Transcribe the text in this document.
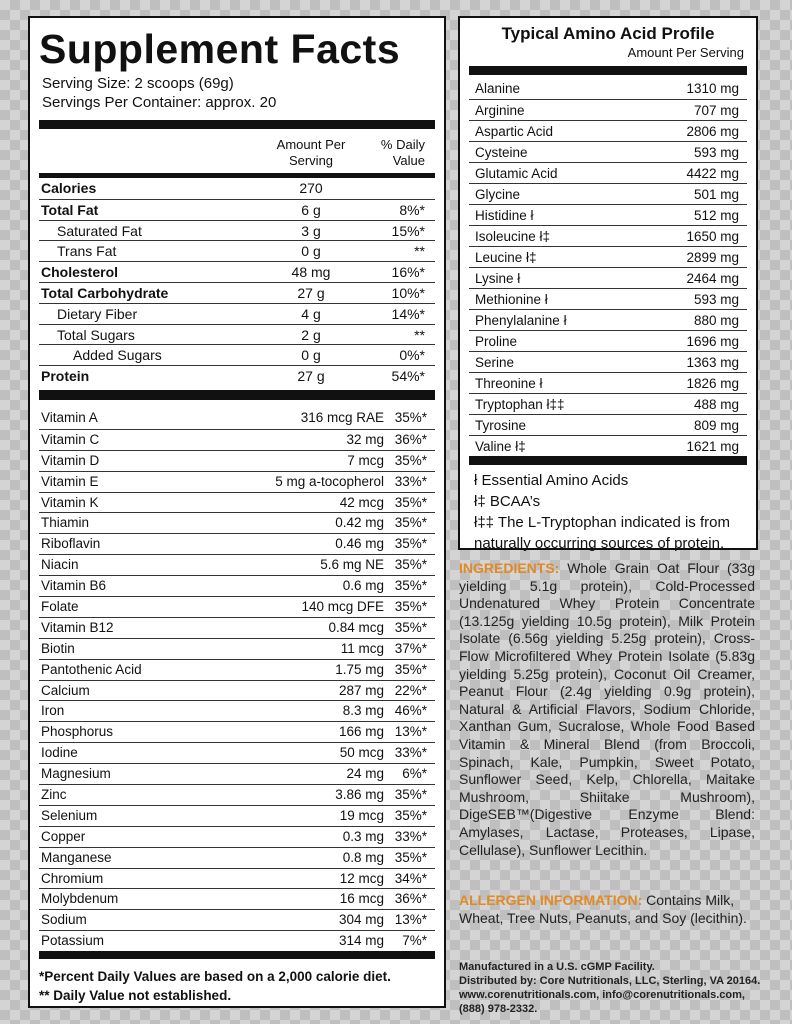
Supplement Facts
Serving Size: 2 scoops (69g)
Servings Per Container: approx. 20
Amount Per
Serving
% Daily
Value
Calories	270
Total Fat	6 g	8%*
Saturated Fat	3 g	15%*
Trans Fat	0 g	**
Cholesterol	48 mg	16%*
Total Carbohydrate	27 g	10%*
Dietary Fiber	4 g	14%*
Total Sugars	2 g	**
Added Sugars	0 g	0%*
Protein	27 g	54%*
Vitamin A	316 mcg RAE 35%*
Vitamin C	32 mg 36%*
Vitamin D	7 mcg 35%*
Vitamin E	5 mg a-tocopherol 33%*
Vitamin K	42 mcg 35%*
Thiamin	0.42 mg 35%*
Riboflavin	0.46 mg 35%*
Niacin	5.6 mg NE 35%*
Vitamin B6	0.6 mg 35%*
Folate	140 mcg DFE 35%*
Vitamin B12	0.84 mcg 35%*
Biotin	11 mcg 37%*
Pantothenic Acid	1.75 mg 35%*
Calcium	287 mg 22%*
Iron	8.3 mg 46%*
Phosphorus	166 mg 13%*
Iodine	50 mcg 33%*
Magnesium	24 mg 6%*
Zinc	3.86 mg 35%*
Selenium	19 mcg 35%*
Copper	0.3 mg 33%*
Manganese	0.8 mg 35%*
Chromium	12 mcg 34%*
Molybdenum	16 mcg 36%*
Sodium	304 mg 13%*
Potassium	314 mg 7%*
*Percent Daily Values are based on a 2,000 calorie diet.
** Daily Value not established.
Typical Amino Acid Profile
Amount Per Serving
Alanine	1310 mg
Arginine	707 mg
Aspartic Acid	2806 mg
Cysteine	593 mg
Glutamic Acid	4422 mg
Glycine	501 mg
Histidine ł	512 mg
Isoleucine ł‡	1650 mg
Leucine ł‡	2899 mg
Lysine ł	2464 mg
Methionine ł	593 mg
Phenylalanine ł	880 mg
Proline	1696 mg
Serine	1363 mg
Threonine ł	1826 mg
Tryptophan ł‡‡	488 mg
Tyrosine	809 mg
Valine ł‡	1621 mg
ł Essential Amino Acids
ł‡ BCAA’s
ł‡‡ The L-Tryptophan indicated is from naturally occurring sources of protein.
INGREDIENTS: Whole Grain Oat Flour (33g yielding 5.1g protein), Cold-Processed Undenatured Whey Protein Concentrate (13.125g yielding 10.5g protein), Milk Protein Isolate (6.56g yielding 5.25g protein), Cross-Flow Microfiltered Whey Protein Isolate (5.83g yielding 5.25g protein), Coconut Oil Creamer, Peanut Flour (2.4g yielding 0.9g protein), Natural & Artificial Flavors, Sodium Chloride, Xanthan Gum, Sucralose, Whole Food Based Vitamin & Mineral Blend (from Broccoli, Spinach, Kale, Pumpkin, Sweet Potato, Sunflower Seed, Kelp, Chlorella, Maitake Mushroom, Shiitake Mushroom), DigeSEB™(Digestive Enzyme Blend: Amylases, Lactase, Proteases, Lipase, Cellulase), Sunflower Lecithin.
ALLERGEN INFORMATION: Contains Milk, Wheat, Tree Nuts, Peanuts, and Soy (lecithin).
Manufactured in a U.S. cGMP Facility.
Distributed by: Core Nutritionals, LLC, Sterling, VA 20164.
www.corenutritionals.com, info@corenutritionals.com,
(888) 978-2332.
